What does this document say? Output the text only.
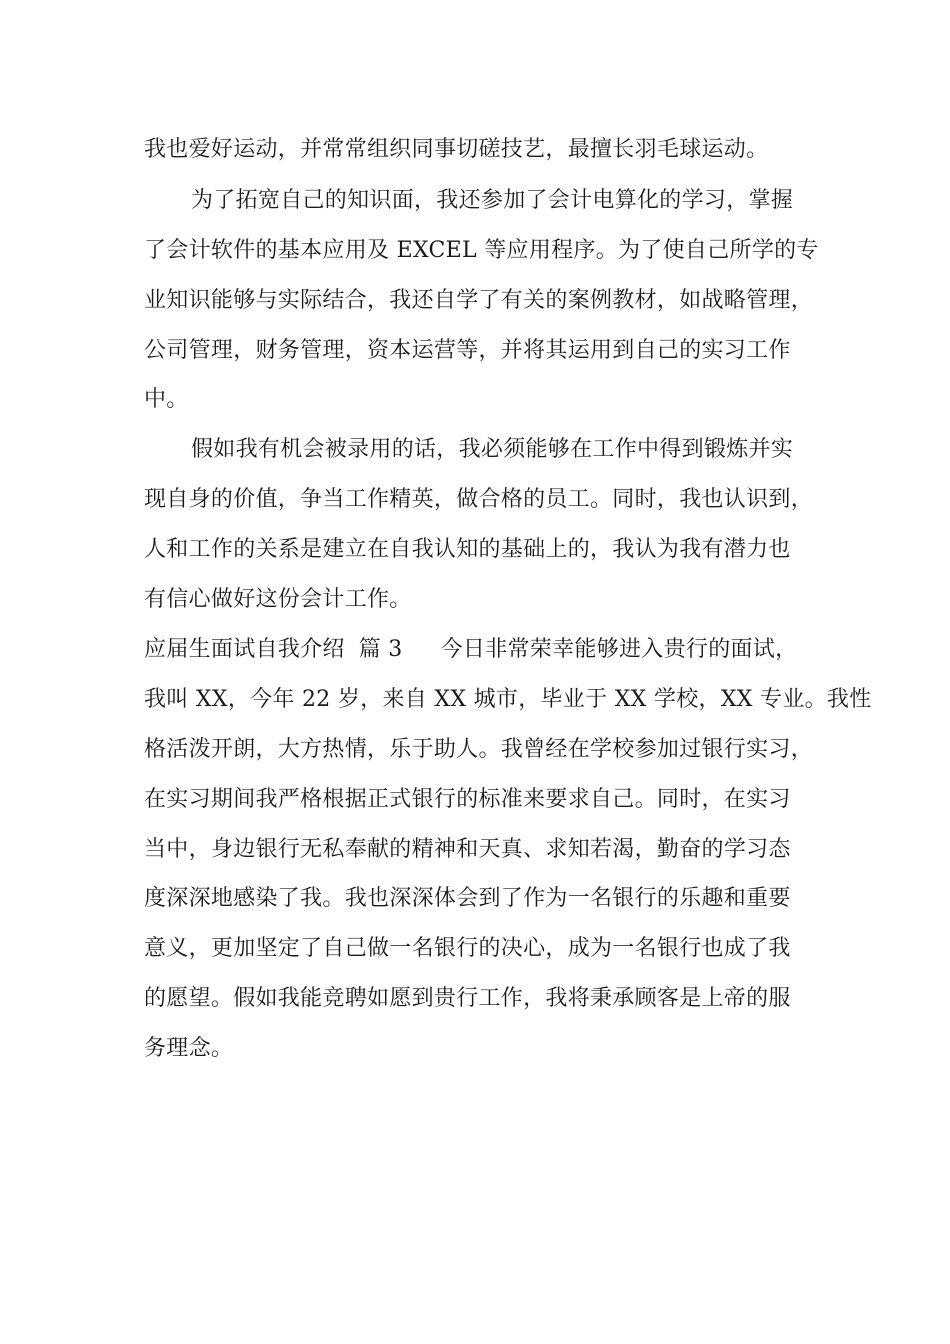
我也爱好运动，并常常组织同事切磋技艺，最擅长羽毛球运动。
为了拓宽自己的知识面，我还参加了会计电算化的学习，掌握
了会计软件的基本应用及 EXCEL 等应用程序。为了使自己所学的专
业知识能够与实际结合，我还自学了有关的案例教材，如战略管理，
公司管理，财务管理，资本运营等，并将其运用到自己的实习工作
中。
假如我有机会被录用的话，我必须能够在工作中得到锻炼并实
现自身的价值，争当工作精英，做合格的员工。同时，我也认识到，
人和工作的关系是建立在自我认知的基础上的，我认为我有潜力也
有信心做好这份会计工作。
应届生面试自我介绍 篇 3 今日非常荣幸能够进入贵行的面试，
我叫 XX，今年 22 岁，来自 XX 城市，毕业于 XX 学校，XX 专业。我性
格活泼开朗，大方热情，乐于助人。我曾经在学校参加过银行实习，
在实习期间我严格根据正式银行的标准来要求自己。同时，在实习
当中，身边银行无私奉献的精神和天真、求知若渴，勤奋的学习态
度深深地感染了我。我也深深体会到了作为一名银行的乐趣和重要
意义，更加坚定了自己做一名银行的决心，成为一名银行也成了我
的愿望。假如我能竞聘如愿到贵行工作，我将秉承顾客是上帝的服
务理念。
